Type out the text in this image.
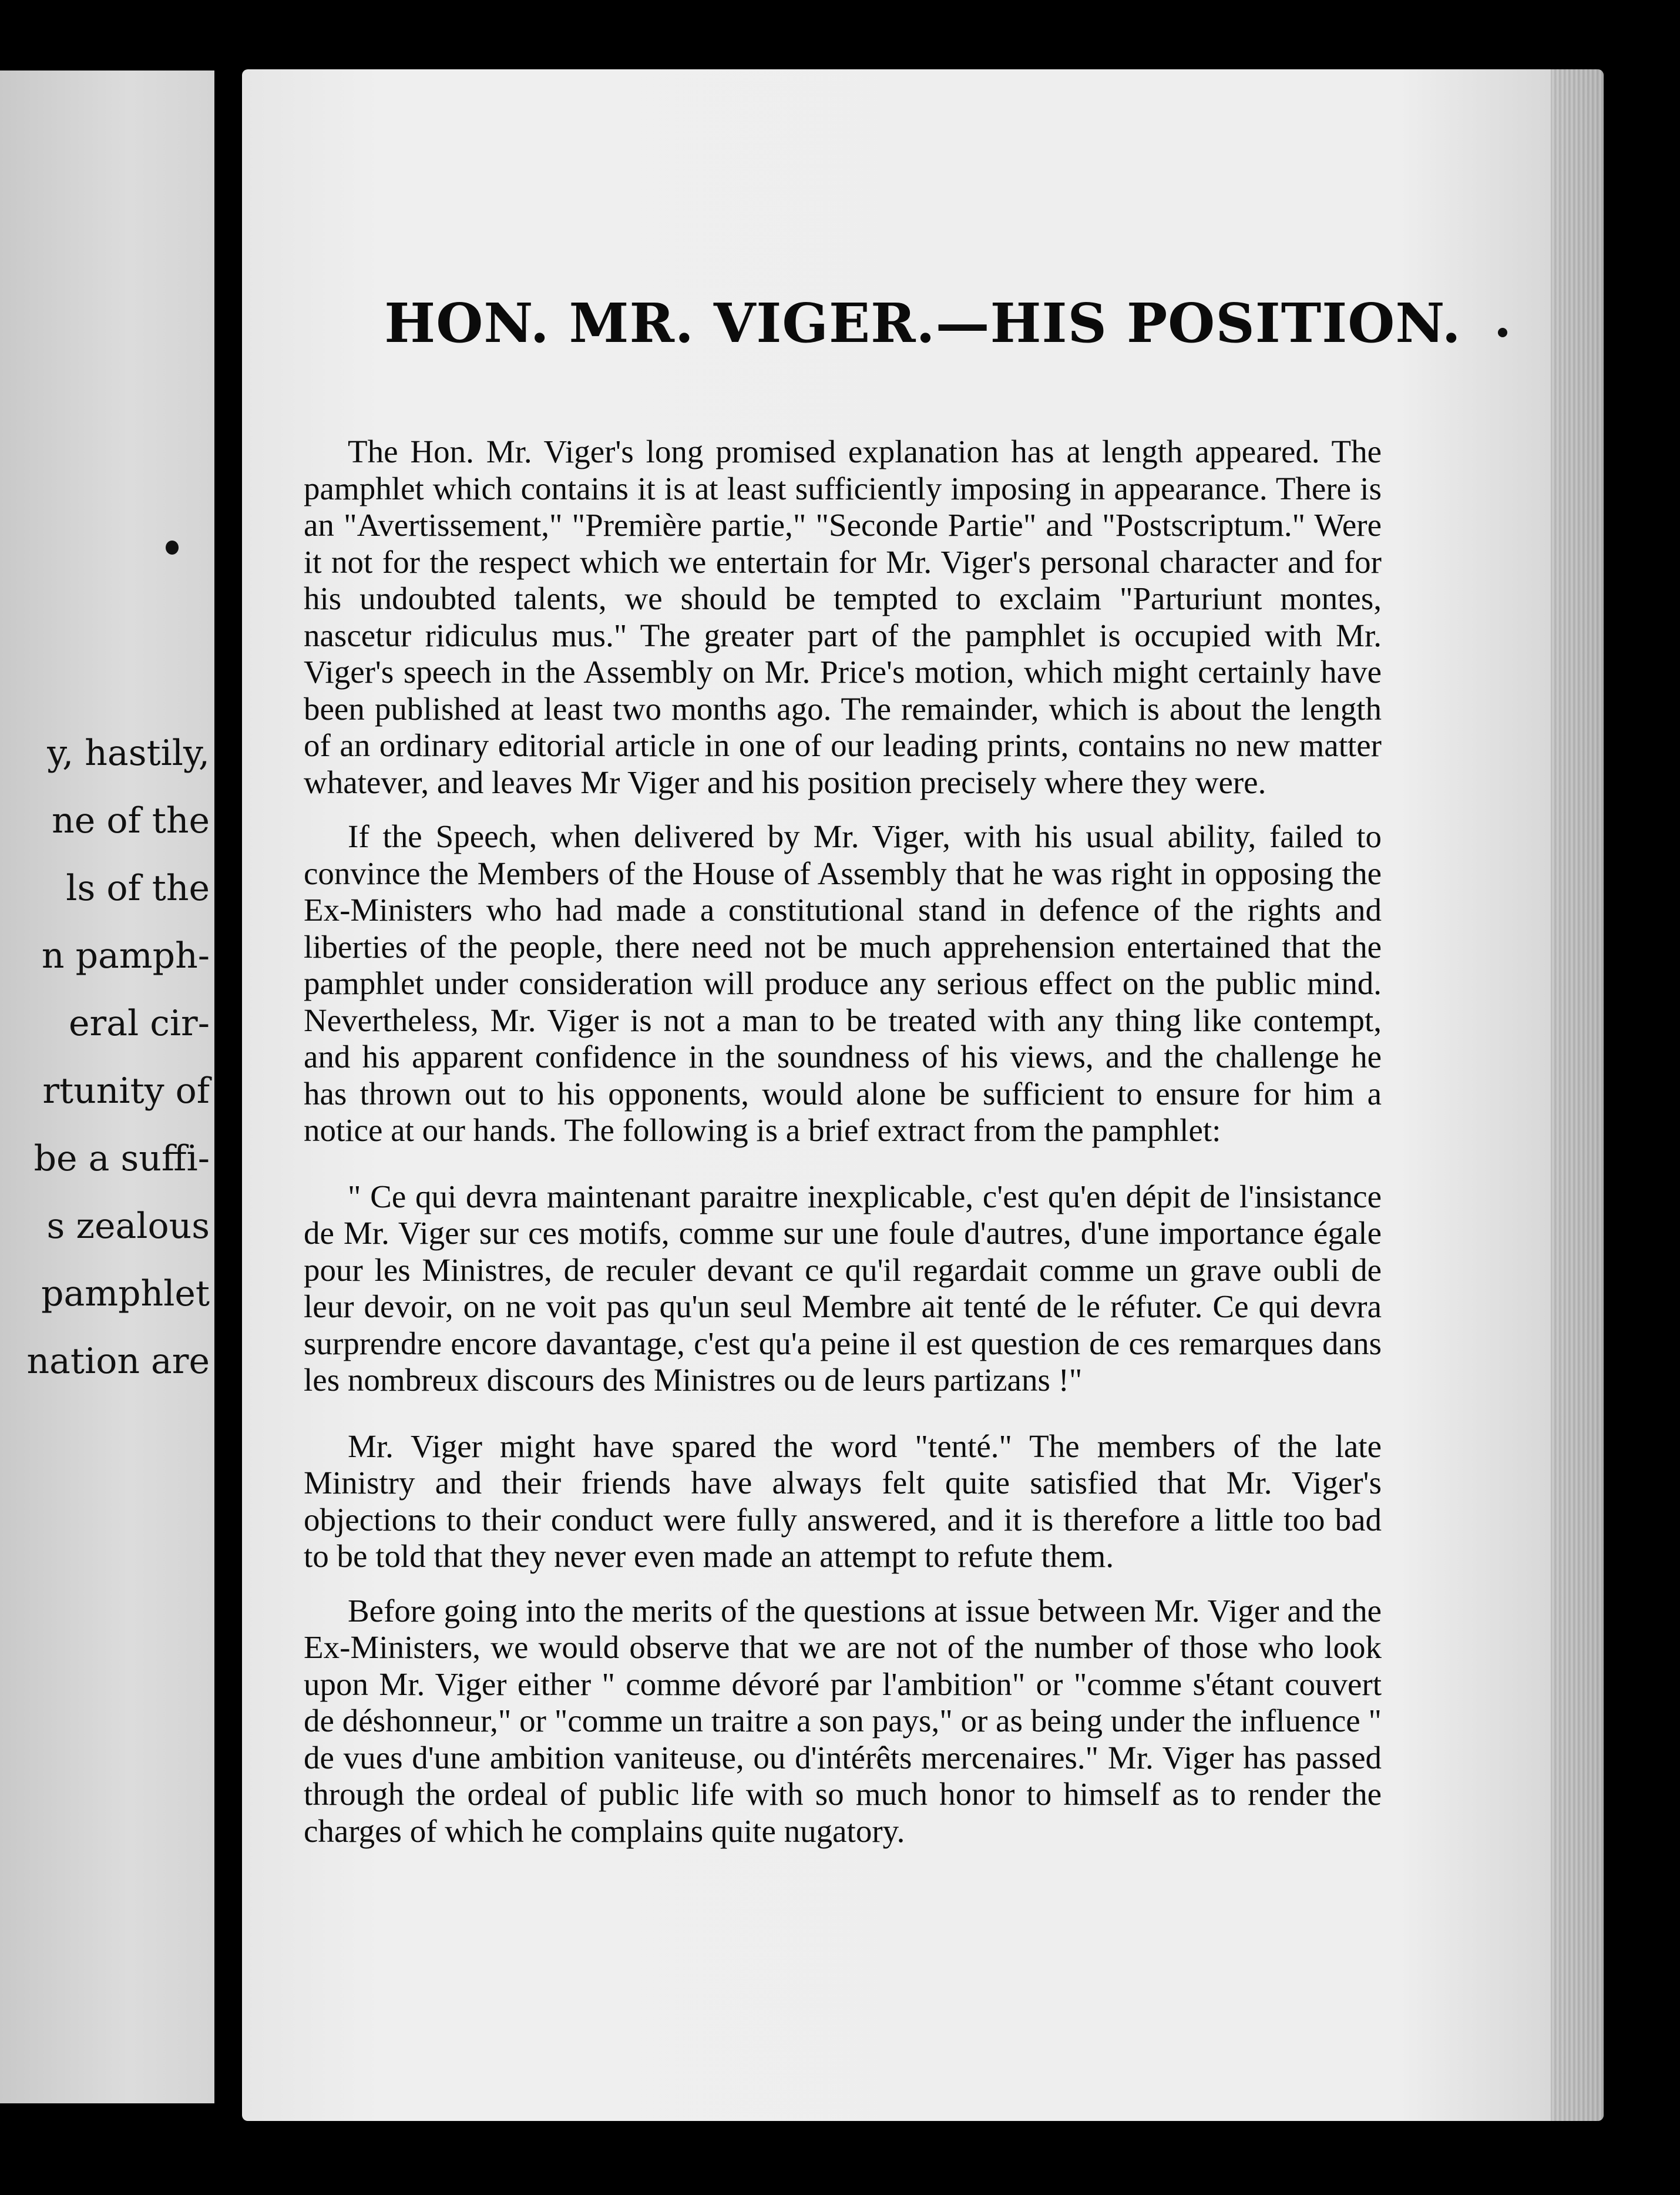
y, hastily,
ne of the
ls of the
n pamph-
eral cir-
rtunity of
be a suffi-
s zealous
pamphlet
nation are
HON. MR. VIGER.—HIS POSITION.

The Hon. Mr. Viger's long promised explanation has at length appeared. The pamphlet which contains it is at least sufficiently imposing in appearance. There is an "Avertissement," "Première partie," "Seconde Partie" and "Postscriptum." Were it not for the respect which we entertain for Mr. Viger's personal character and for his undoubted talents, we should be tempted to exclaim "Parturiunt montes, nascetur ridiculus mus." The greater part of the pamphlet is occupied with Mr. Viger's speech in the Assembly on Mr. Price's motion, which might certainly have been published at least two months ago. The remainder, which is about the length of an ordinary editorial article in one of our leading prints, contains no new matter whatever, and leaves Mr Viger and his position precisely where they were.

If the Speech, when delivered by Mr. Viger, with his usual ability, failed to convince the Members of the House of Assembly that he was right in opposing the Ex-Ministers who had made a constitutional stand in defence of the rights and liberties of the people, there need not be much apprehension entertained that the pamphlet under consideration will produce any serious effect on the public mind. Nevertheless, Mr. Viger is not a man to be treated with any thing like contempt, and his apparent confidence in the soundness of his views, and the challenge he has thrown out to his opponents, would alone be sufficient to ensure for him a notice at our hands. The following is a brief extract from the pamphlet:

" Ce qui devra maintenant paraitre inexplicable, c'est qu'en dépit de l'insistance de Mr. Viger sur ces motifs, comme sur une foule d'autres, d'une importance égale pour les Ministres, de reculer devant ce qu'il regardait comme un grave oubli de leur devoir, on ne voit pas qu'un seul Membre ait tenté de le réfuter. Ce qui devra surprendre encore davantage, c'est qu'a peine il est question de ces remarques dans les nombreux discours des Ministres ou de leurs partizans !"

Mr. Viger might have spared the word "tenté." The members of the late Ministry and their friends have always felt quite satisfied that Mr. Viger's objections to their conduct were fully answered, and it is therefore a little too bad to be told that they never even made an attempt to refute them.

Before going into the merits of the questions at issue between Mr. Viger and the Ex-Ministers, we would observe that we are not of the number of those who look upon Mr. Viger either " comme dévoré par l'ambition" or "comme s'étant couvert de déshonneur," or "comme un traitre a son pays," or as being under the influence " de vues d'une ambition vaniteuse, ou d'intérêts mercenaires." Mr. Viger has passed through the ordeal of public life with so much honor to himself as to render the charges of which he complains quite nugatory.
